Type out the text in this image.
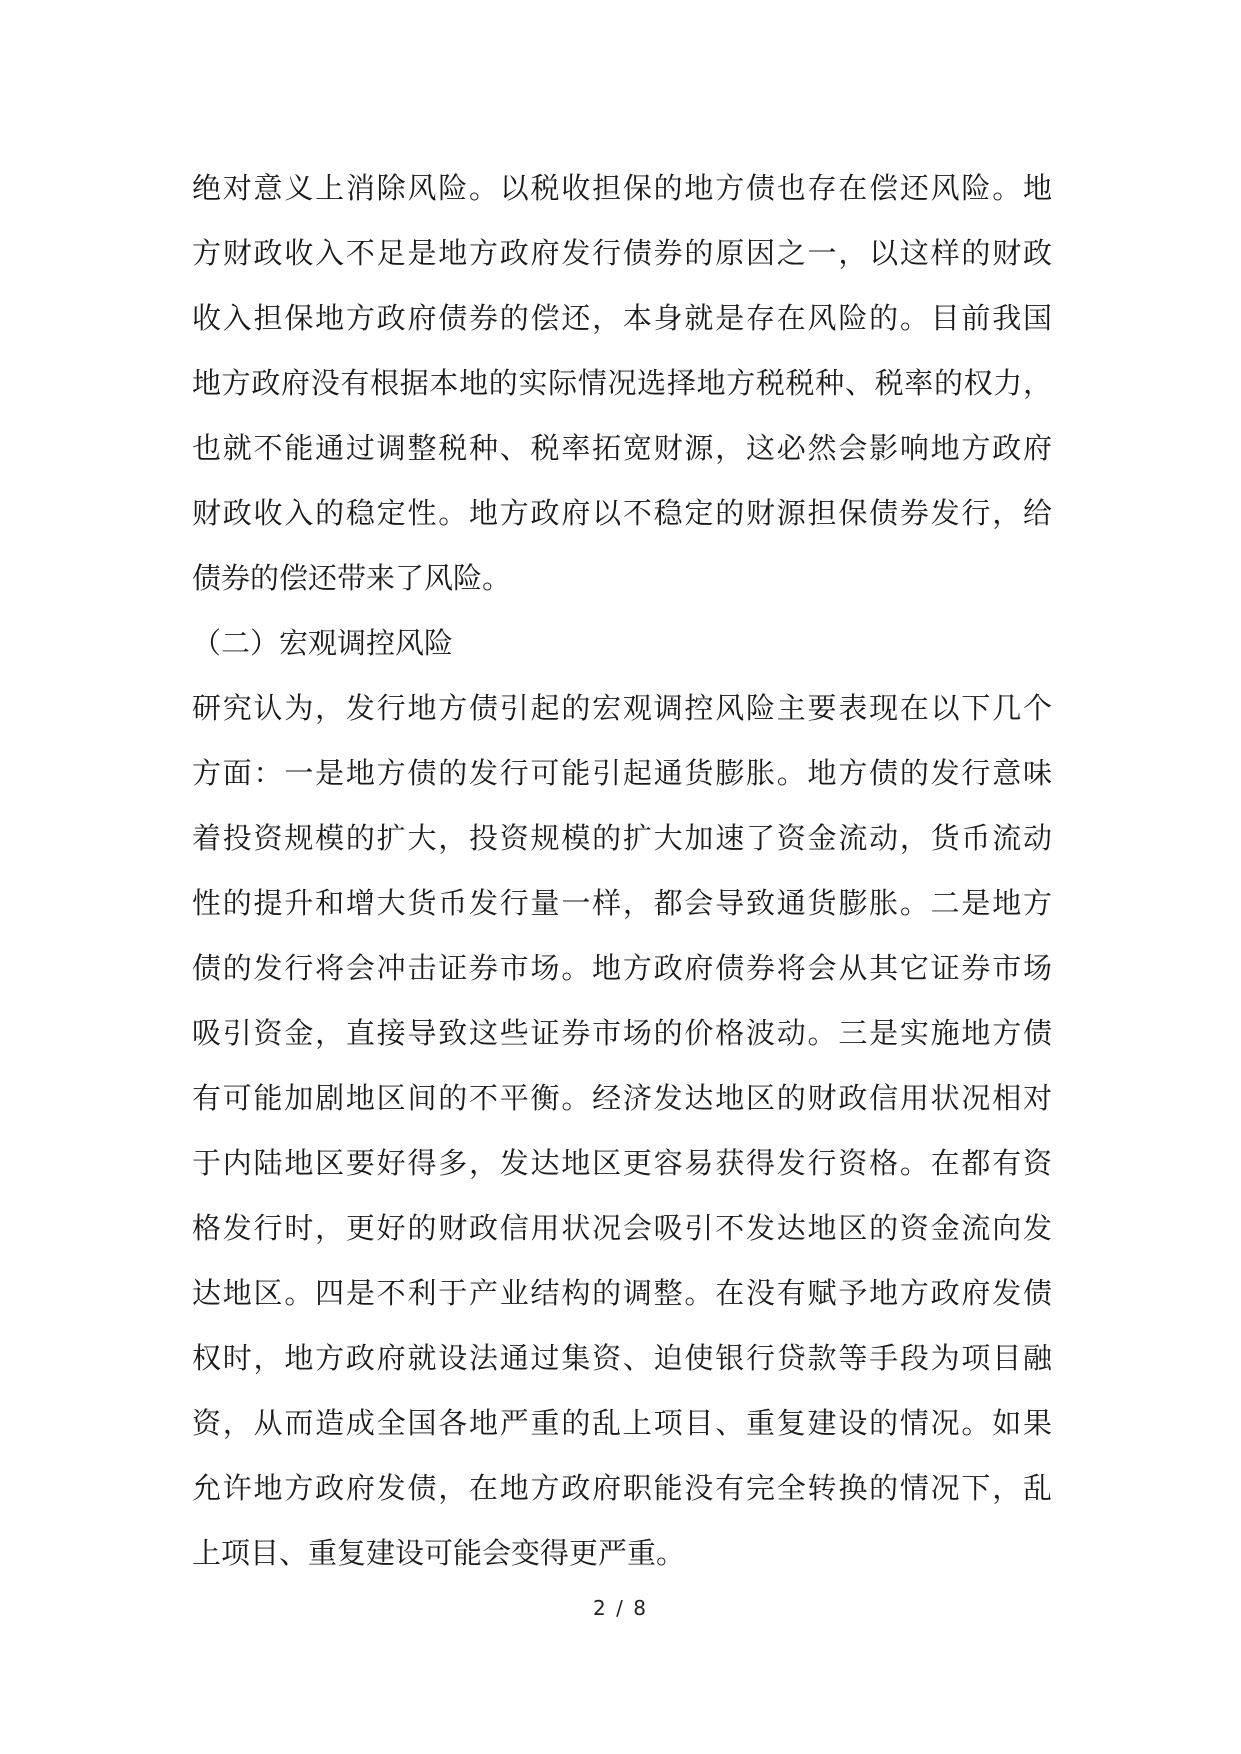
绝对意义上消除风险。以税收担保的地方债也存在偿还风险。地
方财政收入不足是地方政府发行债券的原因之一，以这样的财政
收入担保地方政府债券的偿还，本身就是存在风险的。目前我国
地方政府没有根据本地的实际情况选择地方税税种、税率的权力，
也就不能通过调整税种、税率拓宽财源，这必然会影响地方政府
财政收入的稳定性。地方政府以不稳定的财源担保债券发行，给
债券的偿还带来了风险。
（二）宏观调控风险
研究认为，发行地方债引起的宏观调控风险主要表现在以下几个
方面：一是地方债的发行可能引起通货膨胀。地方债的发行意味
着投资规模的扩大，投资规模的扩大加速了资金流动，货币流动
性的提升和增大货币发行量一样，都会导致通货膨胀。二是地方
债的发行将会冲击证券市场。地方政府债券将会从其它证券市场
吸引资金，直接导致这些证券市场的价格波动。三是实施地方债
有可能加剧地区间的不平衡。经济发达地区的财政信用状况相对
于内陆地区要好得多，发达地区更容易获得发行资格。在都有资
格发行时，更好的财政信用状况会吸引不发达地区的资金流向发
达地区。四是不利于产业结构的调整。在没有赋予地方政府发债
权时，地方政府就设法通过集资、迫使银行贷款等手段为项目融
资，从而造成全国各地严重的乱上项目、重复建设的情况。如果
允许地方政府发债，在地方政府职能没有完全转换的情况下，乱
上项目、重复建设可能会变得更严重。
2 / 8
